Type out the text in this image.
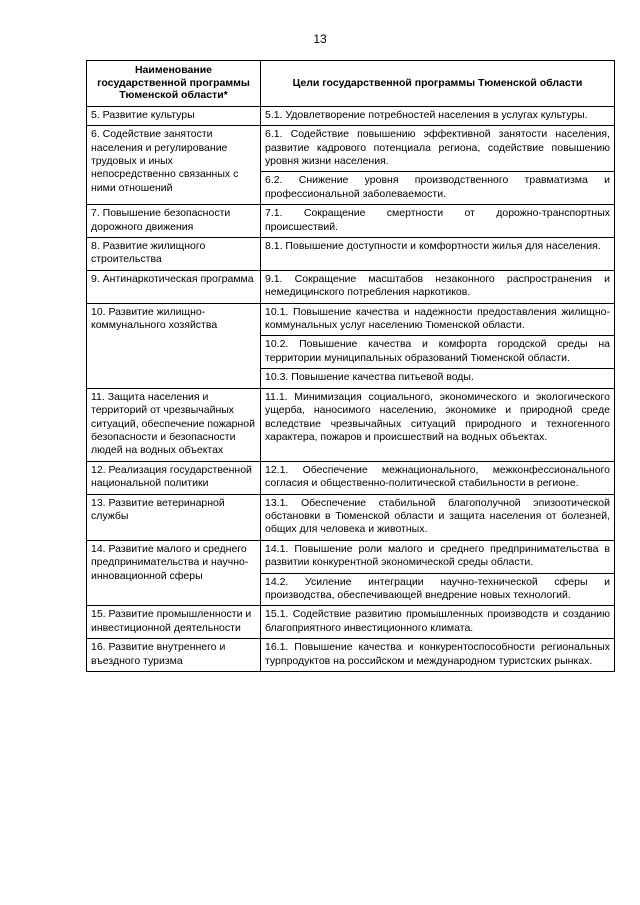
13
Наименование государственной программы Тюменской области*	Цели государственной программы Тюменской области
5. Развитие культуры	5.1. Удовлетворение потребностей населения в услугах культуры.
6. Содействие занятости населения и регулирование трудовых и иных непосредственно связанных с ними отношений	6.1. Содействие повышению эффективной занятости населения, развитие кадрового потенциала региона, содействие повышению уровня жизни населения.
	6.2. Снижение уровня производственного травматизма и профессиональной заболеваемости.
7. Повышение безопасности дорожного движения	7.1. Сокращение смертности от дорожно-транспортных происшествий.
8. Развитие жилищного строительства	8.1. Повышение доступности и комфортности жилья для населения.
9. Антинаркотическая программа	9.1. Сокращение масштабов незаконного распространения и немедицинского потребления наркотиков.
10. Развитие жилищно-коммунального хозяйства	10.1. Повышение качества и надежности предоставления жилищно-коммунальных услуг населению Тюменской области.
	10.2. Повышение качества и комфорта городской среды на территории муниципальных образований Тюменской области.
	10.3. Повышение качества питьевой воды.
11. Защита населения и территорий от чрезвычайных ситуаций, обеспечение пожарной безопасности и безопасности людей на водных объектах	11.1. Минимизация социального, экономического и экологического ущерба, наносимого населению, экономике и природной среде вследствие чрезвычайных ситуаций природного и техногенного характера, пожаров и происшествий на водных объектах.
12. Реализация государственной национальной политики	12.1. Обеспечение межнационального, межконфессионального согласия и общественно-политической стабильности в регионе.
13. Развитие ветеринарной службы	13.1. Обеспечение стабильной благополучной эпизоотической обстановки в Тюменской области и защита населения от болезней, общих для человека и животных.
14. Развитие малого и среднего предпринимательства и научно-инновационной сферы	14.1. Повышение роли малого и среднего предпринимательства в развитии конкурентной экономической среды области.
	14.2. Усиление интеграции научно-технической сферы и производства, обеспечивающей внедрение новых технологий.
15. Развитие промышленности и инвестиционной деятельности	15.1. Содействие развитию промышленных производств и созданию благоприятного инвестиционного климата.
16. Развитие внутреннего и въездного туризма	16.1. Повышение качества и конкурентоспособности региональных турпродуктов на российском и международном туристских рынках.
